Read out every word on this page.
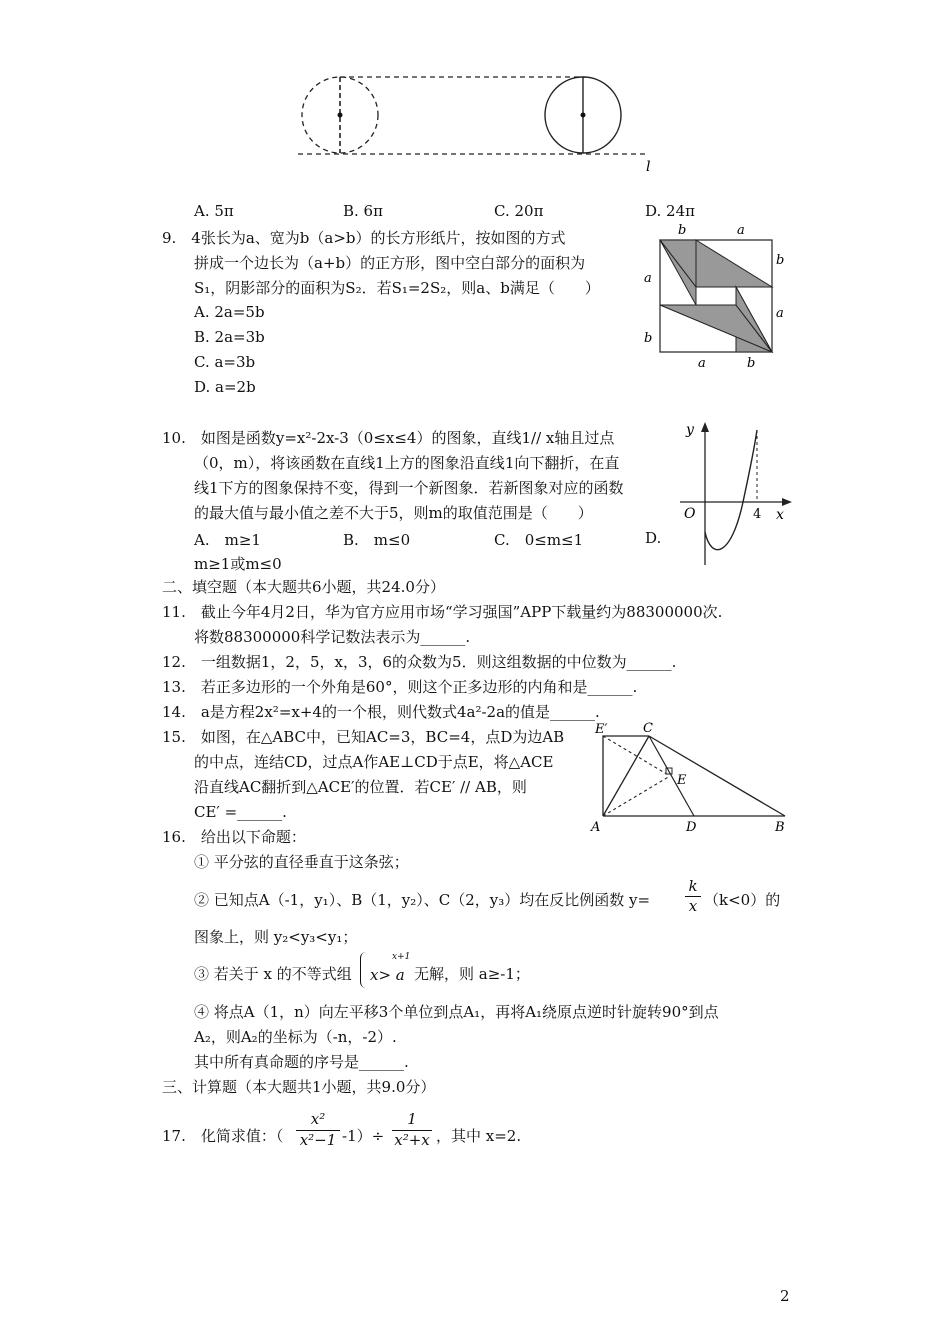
l
A. 5π	B. 6π	C. 20π	D. 24π
9.　4张长为a、宽为b（a>b）的长方形纸片，按如图的方式
拼成一个边长为（a+b）的正方形，图中空白部分的面积为
S₁，阴影部分的面积为S₂．若S₁=2S₂，则a、b满足（　　）
A. 2a=5b
B. 2a=3b
C. a=3b
D. a=2b
b	a
b
a
a
b
a	b
10.　如图是函数y=x²-2x-3（0≤x≤4）的图象，直线1// x轴且过点
（0，m），将该函数在直线1上方的图象沿直线1向下翻折，在直
线1下方的图象保持不变，得到一个新图象．若新图象对应的函数
的最大值与最小值之差不大于5，则m的取值范围是（　　）
A.　m≥1	B.　m≤0	C.　0≤m≤1	D.
m≥1或m≤0
y
x
O	4
二、填空题（本大题共6小题，共24.0分）
11.　截止今年4月2日，华为官方应用市场“学习强国”APP下载量约为88300000次.
将数88300000科学记数法表示为______.
12.　一组数据1，2，5，x，3，6的众数为5．则这组数据的中位数为______.
13.　若正多边形的一个外角是60°，则这个正多边形的内角和是______.
14.　a是方程2x²=x+4的一个根，则代数式4a²-2a的值是______.
15.　如图，在△ABC中，已知AC=3，BC=4，点D为边AB
的中点，连结CD，过点A作AE⊥CD于点E，将△ACE
沿直线AC翻折到△ACE′的位置．若CE′ // AB，则
CE′ =______.
E′	C
E
A	D	B
16.　给出以下命题：
① 平分弦的直径垂直于这条弦；
② 已知点A（-1，y₁）、B（1，y₂）、C（2，y₃）均在反比例函数 y=
k
x （k<0）的
图象上，则 y₂<y₃<y₁；
③ 若关于 x 的不等式组
x+1
x> a 无解，则 a≥-1；
④ 将点A（1，n）向左平移3个单位到点A₁，再将A₁绕原点逆时针旋转90°到点
A₂，则A₂的坐标为（-n，-2）.
其中所有真命题的序号是______.
三、计算题（本大题共1小题，共9.0分）
17.　化简求值：（
x²
x²−1 -1）÷
1
x²+x ，其中 x=2.
2
